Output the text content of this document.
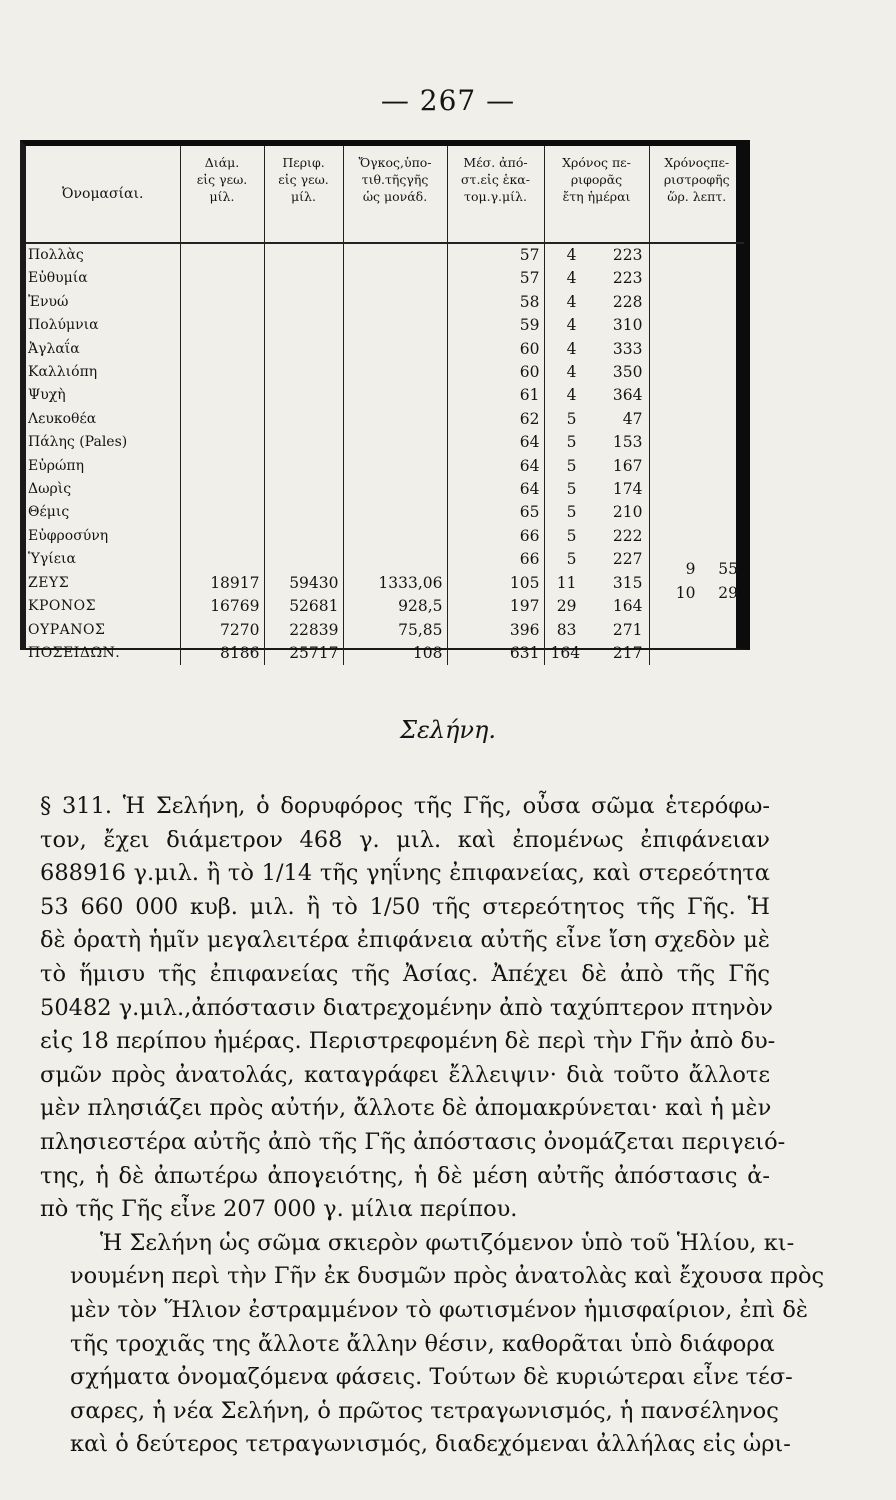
— 267 —
Ὀνομασίαι.	Διάμ.
εἰς γεω.
μίλ.	Περιφ.
εἰς γεω.
μίλ.	Ὄγκος,ὑπο-
τιθ.τῆςγῆς
ὡς μονάδ.	Μέσ. ἀπό-
στ.εἰς ἑκα-
τομ.γ.μίλ.	Χρόνος πε-
ριφορᾶς
ἔτη ἡμέραι	Χρόνοςπε-
ριστροφῆς
ὥρ. λεπτ.
Πολλὰς				57	4 223	

Εὐθυμία				57	4 223	

Ἐνυώ				58	4 228	

Πολύμνια				59	4 310	

Ἀγλαΐα				60	4 333	

Καλλιόπη				60	4 350	

Ψυχὴ				61	4 364	

Λευκοθέα				62	5 47	

Πάλης (Pales)				64	5 153	

Εὐρώπη				64	5 167	

Δωρὶς				64	5 174	

Θέμις				65	5 210	

Εὐφροσύνη				66	5 222	

Ὑγίεια				66	5 227	9 55

ΖΕΥΣ	18917	59430	1333,06	105	11 315	10 29

ΚΡΟΝΟΣ	16769	52681	928,5	197	29 164	

ΟΥΡΑΝΟΣ	7270	22839	75,85	396	83 271	

ΠΟΣΕΙΔΩΝ.	8186	25717	108	631	164 217	

Σελήνη.

§ 311. Ἡ Σελήνη, ὁ δορυφόρος τῆς Γῆς, οὖσα σῶμα ἑτερόφω-
τον, ἔχει διάμετρον 468 γ. μιλ. καὶ ἐπομένως ἐπιφάνειαν
688916 γ.μιλ. ἢ τὸ 1/14 τῆς γηΐνης ἐπιφανείας, καὶ στερεότητα
53 660 000 κυβ. μιλ. ἢ τὸ 1/50 τῆς στερεότητος τῆς Γῆς. Ἡ
δὲ ὁρατὴ ἡμῖν μεγαλειτέρα ἐπιφάνεια αὐτῆς εἶνε ἴση σχεδὸν μὲ
τὸ ἥμισυ τῆς ἐπιφανείας τῆς Ἀσίας. Ἀπέχει δὲ ἀπὸ τῆς Γῆς
50482 γ.μιλ.,ἀπόστασιν διατρεχομένην ἀπὸ ταχύπτερον πτηνὸν
εἰς 18 περίπου ἡμέρας. Περιστρεφομένη δὲ περὶ τὴν Γῆν ἀπὸ δυ-
σμῶν πρὸς ἀνατολάς, καταγράφει ἔλλειψιν· διὰ τοῦτο ἄλλοτε
μὲν πλησιάζει πρὸς αὐτήν, ἄλλοτε δὲ ἀπομακρύνεται· καὶ ἡ μὲν
πλησιεστέρα αὐτῆς ἀπὸ τῆς Γῆς ἀπόστασις ὀνομάζεται περιγειό-
της, ἡ δὲ ἀπωτέρω ἀπογειότης, ἡ δὲ μέση αὐτῆς ἀπόστασις ἀ-
πὸ τῆς Γῆς εἶνε 207 000 γ. μίλια περίπου.

Ἡ Σελήνη ὡς σῶμα σκιερὸν φωτιζόμενον ὑπὸ τοῦ Ἡλίου, κι-
νουμένη περὶ τὴν Γῆν ἐκ δυσμῶν πρὸς ἀνατολὰς καὶ ἔχουσα πρὸς
μὲν τὸν Ἥλιον ἐστραμμένον τὸ φωτισμένον ἡμισφαίριον, ἐπὶ δὲ
τῆς τροχιᾶς της ἄλλοτε ἄλλην θέσιν, καθορᾶται ὑπὸ διάφορα
σχήματα ὀνομαζόμενα φάσεις. Τούτων δὲ κυριώτεραι εἶνε τέσ-
σαρες, ἡ νέα Σελήνη, ὁ πρῶτος τετραγωνισμός, ἡ πανσέληνος
καὶ ὁ δεύτερος τετραγωνισμός, διαδεχόμεναι ἀλλήλας εἰς ὡρι-
